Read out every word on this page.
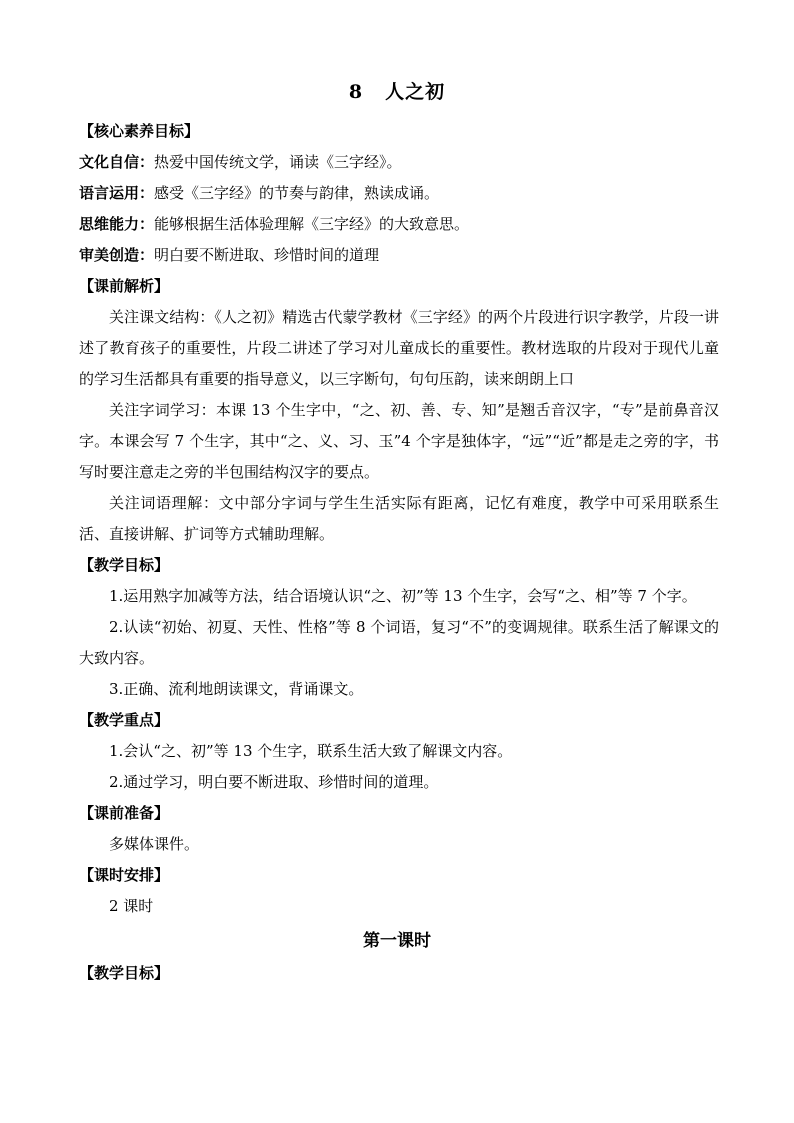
8 人之初
【核心素养目标】
文化自信：热爱中国传统文学，诵读《三字经》。
语言运用：感受《三字经》的节奏与韵律，熟读成诵。
思维能力：能够根据生活体验理解《三字经》的大致意思。
审美创造：明白要不断进取、珍惜时间的道理
【课前解析】

关注课文结构：《人之初》精选古代蒙学教材《三字经》的两个片段进行识字教学，片段一讲述了教育孩子的重要性，片段二讲述了学习对儿童成长的重要性。教材选取的片段对于现代儿童的学习生活都具有重要的指导意义，以三字断句，句句压韵，读来朗朗上口

关注字词学习：本课 13 个生字中，“之、初、善、专、知”是翘舌音汉字，“专”是前鼻音汉字。本课会写 7 个生字，其中“之、义、习、玉”4 个字是独体字，“远”“近”都是走之旁的字，书写时要注意走之旁的半包围结构汉字的要点。

关注词语理解：文中部分字词与学生生活实际有距离，记忆有难度，教学中可采用联系生活、直接讲解、扩词等方式辅助理解。

【教学目标】

1.运用熟字加减等方法，结合语境认识“之、初”等 13 个生字，会写“之、相”等 7 个字。

2.认读“初始、初夏、天性、性格”等 8 个词语，复习“不”的变调规律。联系生活了解课文的大致内容。

3.正确、流利地朗读课文，背诵课文。

【教学重点】
1.会认“之、初”等 13 个生字，联系生活大致了解课文内容。
2.通过学习，明白要不断进取、珍惜时间的道理。
【课前准备】
多媒体课件。
【课时安排】
2 课时
第一课时
【教学目标】
